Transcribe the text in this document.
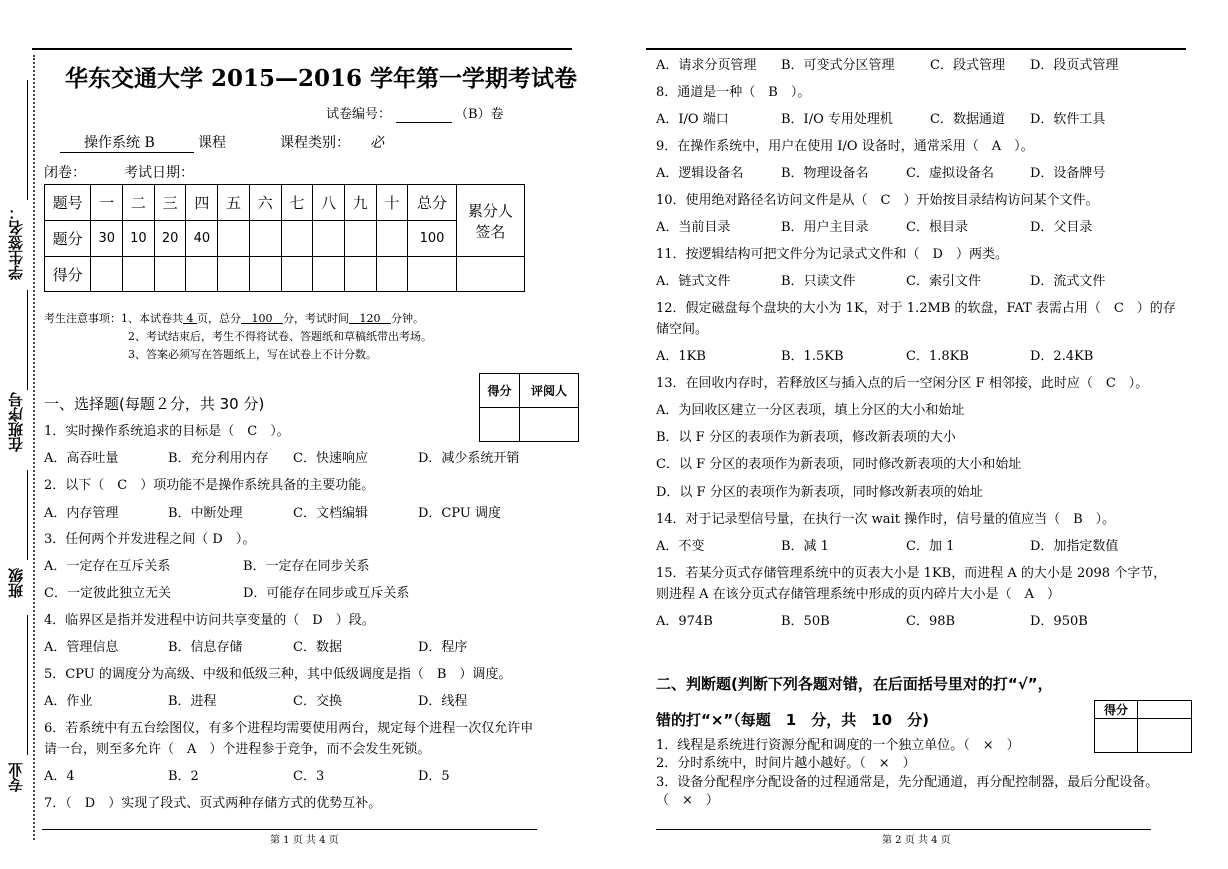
学生签名：
在班序号
班级
专业
华东交通大学 2015—2016 学年第一学期考试卷
试卷编号：	（B）卷
操作系统 B	课程	课程类别： 必
闭卷：	考试日期：
题号	一	二	三	四	五	六	七	八	九	十	总分	累分人签名
题分	30	10	20	40							100	
得分												
考生注意事项：1、本试卷共 4 页，总分 100 分，考试时间 120 分钟。
2、考试结束后，考生不得将试卷、答题纸和草稿纸带出考场。
3、答案必须写在答题纸上，写在试卷上不计分数。
得分	评阅人

一、选择题(每题２分，共 30 分)
1．实时操作系统追求的目标是（　C　）。
A．高吞吐量	B．充分利用内存 C．快速响应	D．减少系统开销
2．以下（　C　）项功能不是操作系统具备的主要功能。
A．内存管理	B．中断处理	C．文档编辑	D．CPU 调度
3．任何两个并发进程之间（ D　）。
A．一定存在互斥关系	B．一定存在同步关系
C．一定彼此独立无关	D．可能存在同步或互斥关系
4．临界区是指并发进程中访问共享变量的（　D　）段。
A．管理信息	B．信息存储	C．数据	D．程序
5．CPU 的调度分为高级、中级和低级三种，其中低级调度是指（　B　）调度。
A．作业	B．进程	C．交换	D．线程
6．若系统中有五台绘图仪，有多个进程均需要使用两台，规定每个进程一次仅允许申
请一台，则至多允许（　A　）个进程参于竞争，而不会发生死锁。
A．4	B．2	C．3	D．5
7．（　D　）实现了段式、页式两种存储方式的优势互补。
第 1 页 共 4 页
A．请求分页管理 B．可变式分区管理	C．段式管理 D．段页式管理
8．通道是一种（　B　）。
A．I/O 端口	B．I/O 专用处理机	C．数据通道 D．软件工具
9．在操作系统中，用户在使用 I/O 设备时，通常采用（　A　）。
A．逻辑设备名	B．物理设备名	C．虚拟设备名	D．设备牌号
10．使用绝对路径名访问文件是从（　C　）开始按目录结构访问某个文件。
A．当前目录	B．用户主目录	C．根目录	D．父目录
11．按逻辑结构可把文件分为记录式文件和（　D　）两类。
A．链式文件	B．只读文件	C．索引文件	D．流式文件
12．假定磁盘每个盘块的大小为 1K，对于 1.2MB 的软盘，FAT 表需占用（　C　）的存
储空间。
A．1KB	B．1.5KB	C．1.8KB	D．2.4KB
13．在回收内存时，若释放区与插入点的后一空闲分区 F 相邻接，此时应（　C　）。
A．为回收区建立一分区表项，填上分区的大小和始址
B．以 F 分区的表项作为新表项，修改新表项的大小
C．以 F 分区的表项作为新表项，同时修改新表项的大小和始址
D．以 F 分区的表项作为新表项，同时修改新表项的始址
14．对于记录型信号量，在执行一次 wait 操作时，信号量的值应当（　B　）。
A．不变	B．减 1	C．加 1	D．加指定数值
15．若某分页式存储管理系统中的页表大小是 1KB，而进程 A 的大小是 2098 个字节，
则进程 A 在该分页式存储管理系统中形成的页内碎片大小是（　A　）
A．974B	B．50B	C．98B	D．950B
二、判断题(判断下列各题对错，在后面括号里对的打“√”，
错的打“×”（每题　1　分，共　10　分)
得分	

1．线程是系统进行资源分配和调度的一个独立单位。（　×　）
2．分时系统中，时间片越小越好。（　×　）
3．设备分配程序分配设备的过程通常是，先分配通道，再分配控制器，最后分配设备。
（　×　）
第 2 页 共 4 页
